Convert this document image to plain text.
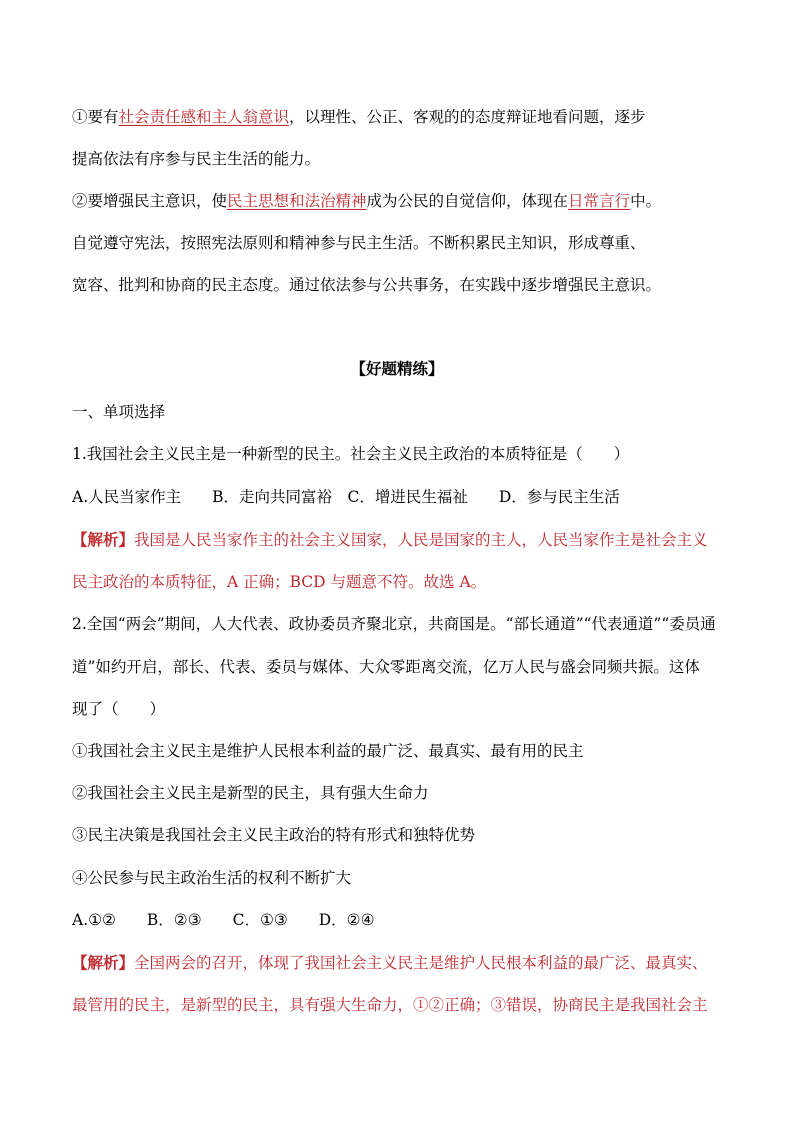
①要有社会责任感和主人翁意识，以理性、公正、客观的的态度辩证地看问题，逐步
提高依法有序参与民主生活的能力。
②要增强民主意识，使民主思想和法治精神成为公民的自觉信仰，体现在日常言行中。
自觉遵守宪法，按照宪法原则和精神参与民主生活。不断积累民主知识，形成尊重、
宽容、批判和协商的民主态度。通过依法参与公共事务，在实践中逐步增强民主意识。
【好题精练】
一、单项选择
1.我国社会主义民主是一种新型的民主。社会主义民主政治的本质特征是（　　）
A.人民当家作主　　B．走向共同富裕　C．增进民生福祉　　D．参与民主生活
【解析】我国是人民当家作主的社会主义国家，人民是国家的主人，人民当家作主是社会主义
民主政治的本质特征，A 正确；BCD 与题意不符。故选 A。
2.全国“两会”期间，人大代表、政协委员齐聚北京，共商国是。“部长通道”“代表通道”“委员通
道”如约开启，部长、代表、委员与媒体、大众零距离交流，亿万人民与盛会同频共振。这体
现了（　　）
①我国社会主义民主是维护人民根本利益的最广泛、最真实、最有用的民主
②我国社会主义民主是新型的民主，具有强大生命力
③民主决策是我国社会主义民主政治的特有形式和独特优势
④公民参与民主政治生活的权利不断扩大
A.①②　　B．②③　　C．①③　　D．②④
【解析】全国两会的召开，体现了我国社会主义民主是维护人民根本利益的最广泛、最真实、
最管用的民主，是新型的民主，具有强大生命力，①②正确；③错误，协商民主是我国社会主
